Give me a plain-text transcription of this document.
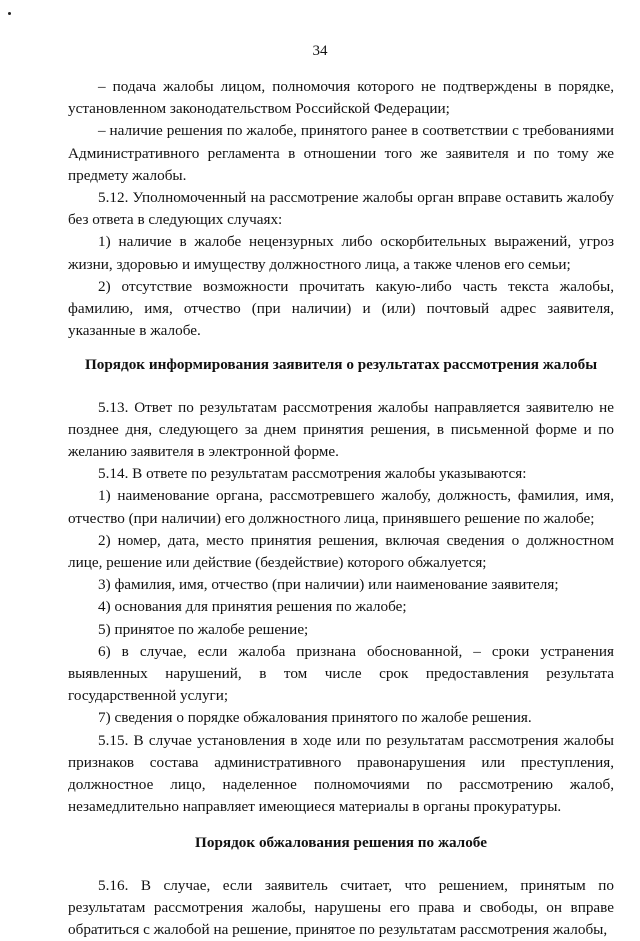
34

– подача жалобы лицом, полномочия которого не подтверждены в порядке, установленном законодательством Российской Федерации;

– наличие решения по жалобе, принятого ранее в соответствии с требованиями Административного регламента в отношении того же заявителя и по тому же предмету жалобы.

5.12. Уполномоченный на рассмотрение жалобы орган вправе оставить жалобу без ответа в следующих случаях:

1) наличие в жалобе нецензурных либо оскорбительных выражений, угроз жизни, здоровью и имуществу должностного лица, а также членов его семьи;

2) отсутствие возможности прочитать какую-либо часть текста жалобы, фамилию, имя, отчество (при наличии) и (или) почтовый адрес заявителя, указанные в жалобе.

Порядок информирования заявителя о результатах рассмотрения жалобы

5.13. Ответ по результатам рассмотрения жалобы направляется заявителю не позднее дня, следующего за днем принятия решения, в письменной форме и по желанию заявителя в электронной форме.

5.14. В ответе по результатам рассмотрения жалобы указываются:

1) наименование органа, рассмотревшего жалобу, должность, фамилия, имя, отчество (при наличии) его должностного лица, принявшего решение по жалобе;

2) номер, дата, место принятия решения, включая сведения о должностном лице, решение или действие (бездействие) которого обжалуется;

3) фамилия, имя, отчество (при наличии) или наименование заявителя;

4) основания для принятия решения по жалобе;

5) принятое по жалобе решение;

6) в случае, если жалоба признана обоснованной, – сроки устранения выявленных нарушений, в том числе срок предоставления результата государственной услуги;

7) сведения о порядке обжалования принятого по жалобе решения.

5.15. В случае установления в ходе или по результатам рассмотрения жалобы признаков состава административного правонарушения или преступления, должностное лицо, наделенное полномочиями по рассмотрению жалоб, незамедлительно направляет имеющиеся материалы в органы прокуратуры.

Порядок обжалования решения по жалобе

5.16. В случае, если заявитель считает, что решением, принятым по результатам рассмотрения жалобы, нарушены его права и свободы, он вправе обратиться с жалобой на решение, принятое по результатам рассмотрения жалобы,
